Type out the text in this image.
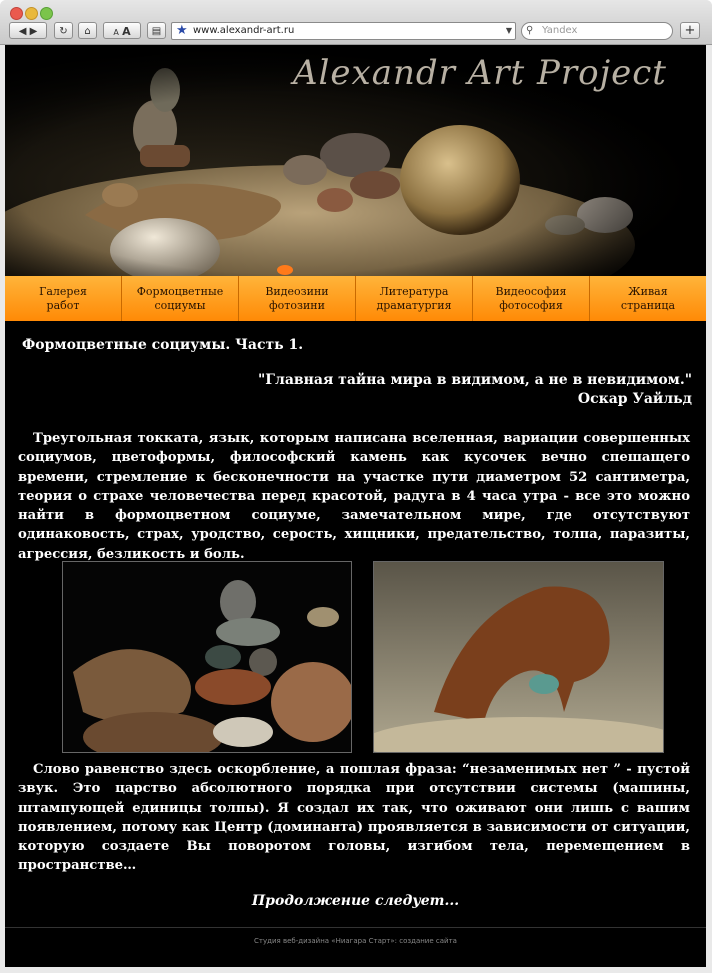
◀ ▶	↻	⌂	A A	▤	★ www.alexandr-art.ru	▼ ⚲ Yandex	+
Alexandr Art Project
Галерея
работ
Формоцветные
социумы
Видеозини
фотозини
Литература
драматургия
Видеософия
фотософия
Живая
страница
Формоцветные социумы. Часть 1.
"Главная тайна мира в видимом, а не в невидимом."
Оскар Уайльд
Треугольная токката, язык, которым написана вселенная, вариации совершенных социумов, цветоформы, философский камень как кусочек вечно спешащего времени, стремление к бесконечности на участке пути диаметром 52 сантиметра, теория о страхе человечества перед красотой, радуга в 4 часа утра - все это можно найти в формоцветном социуме, замечательном мире, где отсутствуют одинаковость, страх, уродство, серость, хищники, предательство, толпа, паразиты, агрессия, безликость и боль.
Слово равенство здесь оскорбление, а пошлая фраза: “незаменимых нет ” - пустой звук. Это царство абсолютного порядка при отсутствии системы (машины, штампующей единицы толпы). Я создал их так, что оживают они лишь с вашим появлением, потому как Центр (доминанта) проявляется в зависимости от ситуации, которую создаете Вы поворотом головы, изгибом тела, перемещением в пространстве…
Продолжение следует...
Студия веб-дизайна «Ниагара Старт»: создание сайта
